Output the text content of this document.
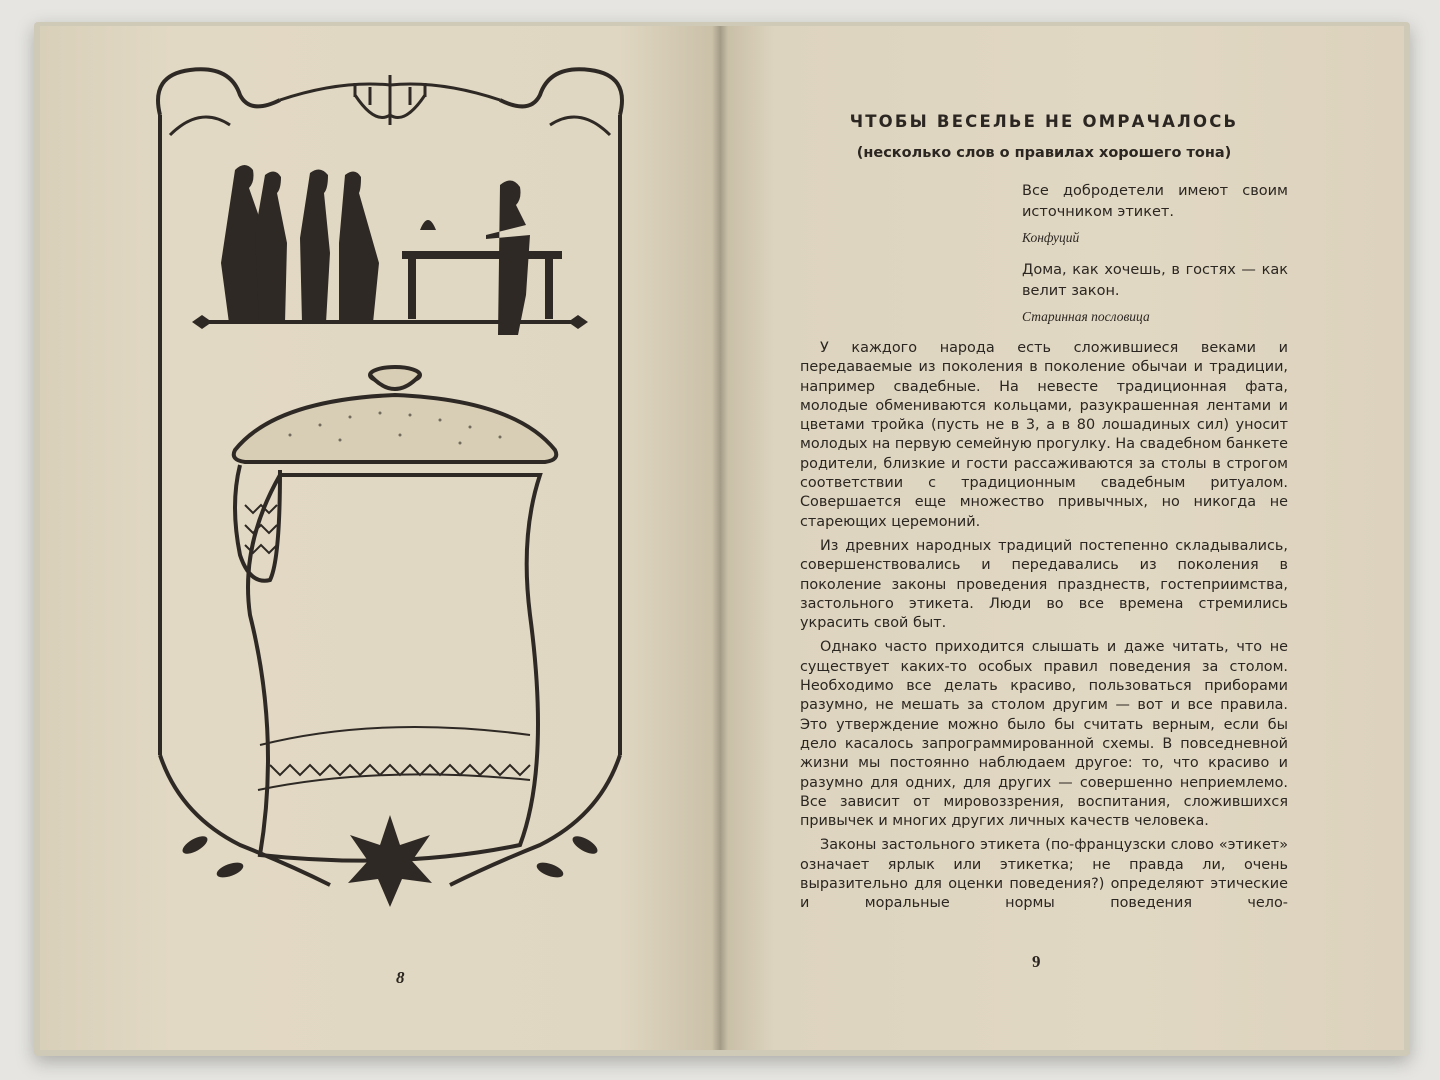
8
ЧТОБЫ ВЕСЕЛЬЕ НЕ ОМРАЧАЛОСЬ
(несколько слов о правилах хорошего тона)
Все добродетели имеют своим источником этикет.
Конфуций
Дома, как хочешь, в гостях — как велит закон.
Старинная пословица

У каждого народа есть сложившиеся веками и передаваемые из поколения в поколение обычаи и традиции, например свадебные. На невесте традиционная фата, молодые обмениваются кольцами, разукрашенная лентами и цветами тройка (пусть не в 3, а в 80 лошадиных сил) уносит молодых на первую семейную прогулку. На свадебном банкете родители, близкие и гости рассаживаются за столы в строгом соответствии с традиционным свадебным ритуалом. Совершается еще множество привычных, но никогда не стареющих церемоний.

Из древних народных традиций постепенно складывались, совершенствовались и передавались из поколения в поколение законы проведения празднеств, гостеприимства, застольного этикета. Люди во все времена стремились украсить свой быт.

Однако часто приходится слышать и даже читать, что не существует каких-то особых правил поведения за столом. Необходимо все делать красиво, пользоваться приборами разумно, не мешать за столом другим — вот и все правила. Это утверждение можно было бы считать верным, если бы дело касалось запрограммированной схемы. В повседневной жизни мы постоянно наблюдаем другое: то, что красиво и разумно для одних, для других — совершенно неприемлемо. Все зависит от мировоззрения, воспитания, сложившихся привычек и многих других личных качеств человека.

Законы застольного этикета (по-французски слово «этикет» означает ярлык или этикетка; не правда ли, очень выразительно для оценки поведения?) определяют этические и моральные нормы поведения чело-

9
